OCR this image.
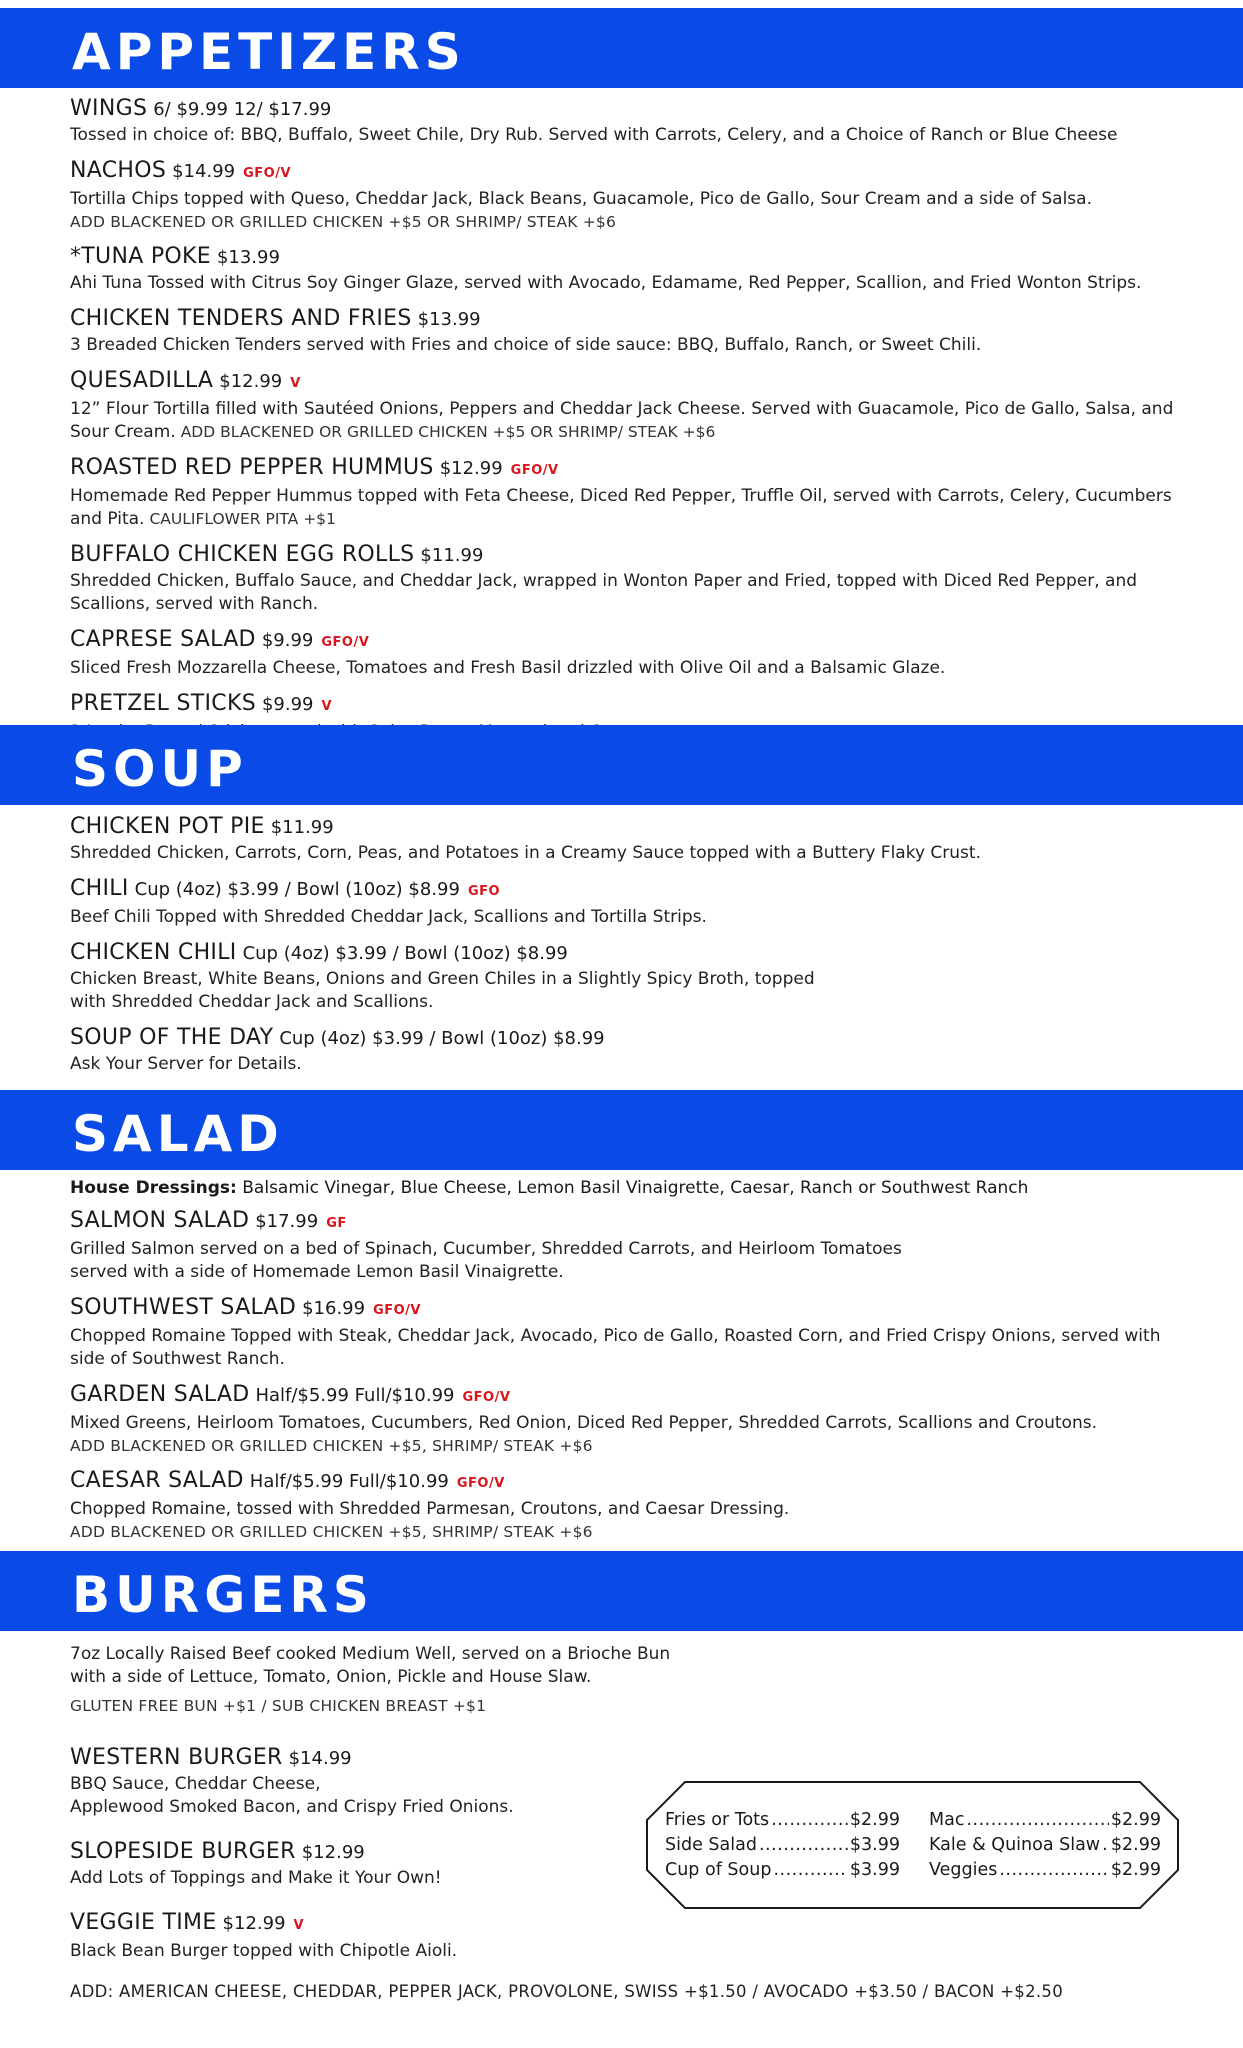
APPETIZERS
WINGS 6/ $9.99 12/ $17.99
Tossed in choice of: BBQ, Buffalo, Sweet Chile, Dry Rub. Served with Carrots, Celery, and a Choice of Ranch or Blue Cheese
NACHOS $14.99 GFO/V
Tortilla Chips topped with Queso, Cheddar Jack, Black Beans, Guacamole, Pico de Gallo, Sour Cream and a side of Salsa.
ADD BLACKENED OR GRILLED CHICKEN +$5 OR SHRIMP/ STEAK +$6
*TUNA POKE $13.99
Ahi Tuna Tossed with Citrus Soy Ginger Glaze, served with Avocado, Edamame, Red Pepper, Scallion, and Fried Wonton Strips.
CHICKEN TENDERS AND FRIES $13.99
3 Breaded Chicken Tenders served with Fries and choice of side sauce: BBQ, Buffalo, Ranch, or Sweet Chili.
QUESADILLA $12.99 V
12” Flour Tortilla filled with Sautéed Onions, Peppers and Cheddar Jack Cheese. Served with Guacamole, Pico de Gallo, Salsa, and Sour Cream. ADD BLACKENED OR GRILLED CHICKEN +$5 OR SHRIMP/ STEAK +$6
ROASTED RED PEPPER HUMMUS $12.99 GFO/V
Homemade Red Pepper Hummus topped with Feta Cheese, Diced Red Pepper, Truffle Oil, served with Carrots, Celery, Cucumbers and Pita. CAULIFLOWER PITA +$1
BUFFALO CHICKEN EGG ROLLS $11.99
Shredded Chicken, Buffalo Sauce, and Cheddar Jack, wrapped in Wonton Paper and Fried, topped with Diced Red Pepper, and Scallions, served with Ranch.
CAPRESE SALAD $9.99 GFO/V
Sliced Fresh Mozzarella Cheese, Tomatoes and Fresh Basil drizzled with Olive Oil and a Balsamic Glaze.
PRETZEL STICKS $9.99 V
SOUP
CHICKEN POT PIE $11.99
Shredded Chicken, Carrots, Corn, Peas, and Potatoes in a Creamy Sauce topped with a Buttery Flaky Crust.
CHILI Cup (4oz) $3.99 / Bowl (10oz) $8.99 GFO
Beef Chili Topped with Shredded Cheddar Jack, Scallions and Tortilla Strips.
CHICKEN CHILI Cup (4oz) $3.99 / Bowl (10oz) $8.99
Chicken Breast, White Beans, Onions and Green Chiles in a Slightly Spicy Broth, topped with Shredded Cheddar Jack and Scallions.
SOUP OF THE DAY Cup (4oz) $3.99 / Bowl (10oz) $8.99
Ask Your Server for Details.
SALAD
House Dressings: Balsamic Vinegar, Blue Cheese, Lemon Basil Vinaigrette, Caesar, Ranch or Southwest Ranch
SALMON SALAD $17.99 GF
Grilled Salmon served on a bed of Spinach, Cucumber, Shredded Carrots, and Heirloom Tomatoes served with a side of Homemade Lemon Basil Vinaigrette.
SOUTHWEST SALAD $16.99 GFO/V
Chopped Romaine Topped with Steak, Cheddar Jack, Avocado, Pico de Gallo, Roasted Corn, and Fried Crispy Onions, served with side of Southwest Ranch.
GARDEN SALAD Half/$5.99 Full/$10.99 GFO/V
Mixed Greens, Heirloom Tomatoes, Cucumbers, Red Onion, Diced Red Pepper, Shredded Carrots, Scallions and Croutons.
ADD BLACKENED OR GRILLED CHICKEN +$5, SHRIMP/ STEAK +$6
CAESAR SALAD Half/$5.99 Full/$10.99 GFO/V
Chopped Romaine, tossed with Shredded Parmesan, Croutons, and Caesar Dressing.
ADD BLACKENED OR GRILLED CHICKEN +$5, SHRIMP/ STEAK +$6
BURGERS
7oz Locally Raised Beef cooked Medium Well, served on a Brioche Bun
with a side of Lettuce, Tomato, Onion, Pickle and House Slaw.
GLUTEN FREE BUN +$1 / SUB CHICKEN BREAST +$1
WESTERN BURGER $14.99
BBQ Sauce, Cheddar Cheese,
Applewood Smoked Bacon, and Crispy Fried Onions.
SLOPESIDE BURGER $12.99
Add Lots of Toppings and Make it Your Own!
VEGGIE TIME $12.99 V
Black Bean Burger topped with Chipotle Aioli.
Fries or Tots .....	$2.99
Side Salad .....	$3.99
Cup of Soup .....	$3.99
Mac .....	$2.99
Kale & Quinoa Slaw ..... $2.99
Veggies .....	$2.99
ADD: AMERICAN CHEESE, CHEDDAR, PEPPER JACK, PROVOLONE, SWISS +$1.50 / AVOCADO +$3.50 / BACON +$2.50
